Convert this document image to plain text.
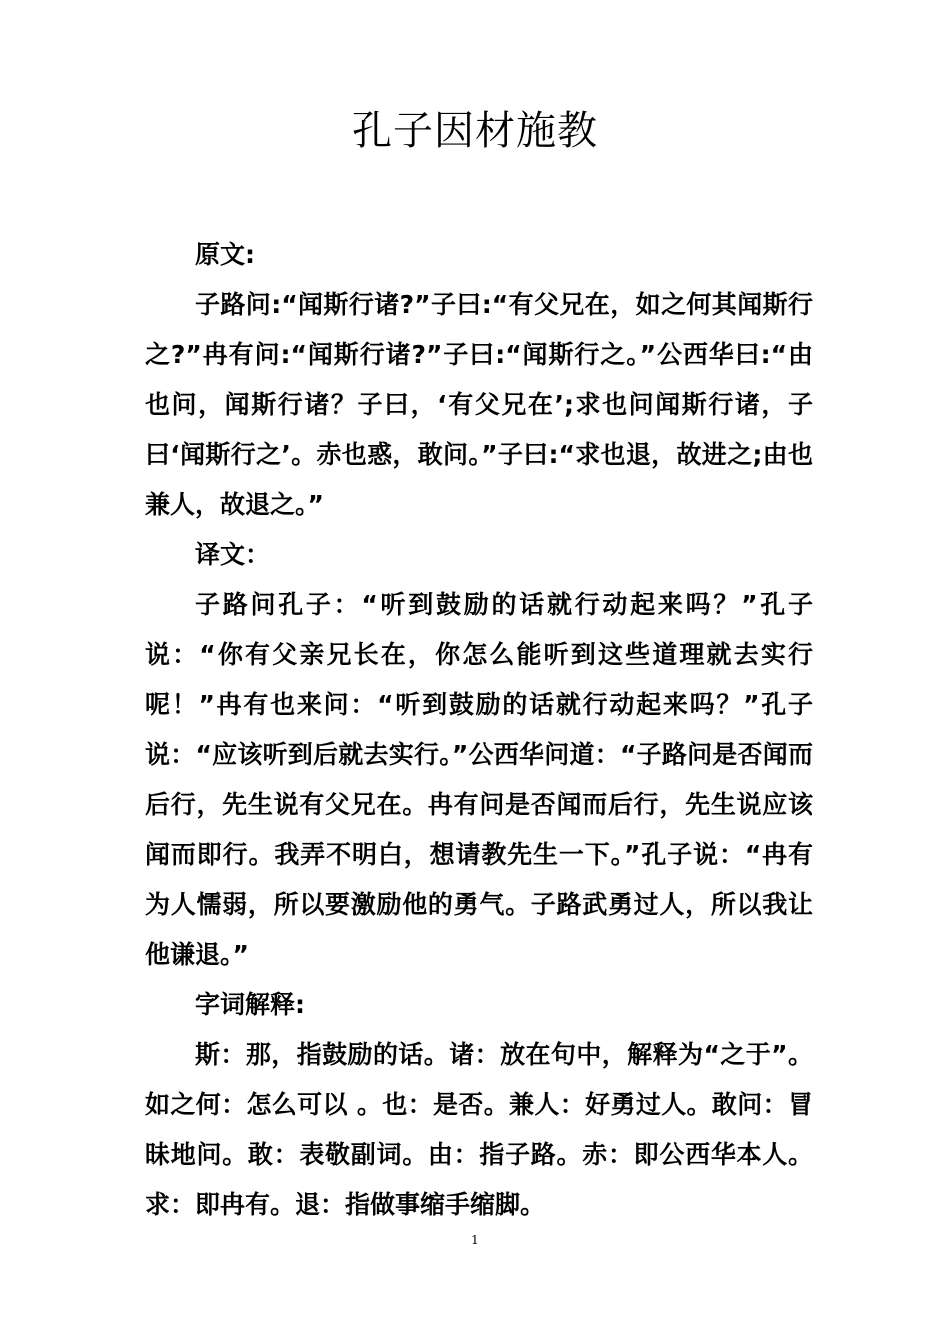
孔子因材施教

原文:

子路问:“闻斯行诸?”子曰:“有父兄在，如之何其闻斯行之?”冉有问:“闻斯行诸?”子曰:“闻斯行之。”公西华曰:“由也问，闻斯行诸？子曰，‘有父兄在’;求也问闻斯行诸，子曰‘闻斯行之’。赤也惑，敢问。”子曰:“求也退，故进之;由也兼人，故退之。”

译文：

子路问孔子：“听到鼓励的话就行动起来吗？”孔子说：“你有父亲兄长在，你怎么能听到这些道理就去实行呢！”冉有也来问：“听到鼓励的话就行动起来吗？”孔子说：“应该听到后就去实行。”公西华问道：“子路问是否闻而后行，先生说有父兄在。冉有问是否闻而后行，先生说应该闻而即行。我弄不明白，想请教先生一下。”孔子说：“冉有为人懦弱，所以要激励他的勇气。子路武勇过人，所以我让他谦退。”

字词解释:

斯：那，指鼓励的话。诸：放在句中，解释为“之于”。如之何：怎么可以 。也：是否。兼人：好勇过人。敢问：冒昧地问。敢：表敬副词。由：指子路。赤：即公西华本人。求：即冉有。退：指做事缩手缩脚。

1
